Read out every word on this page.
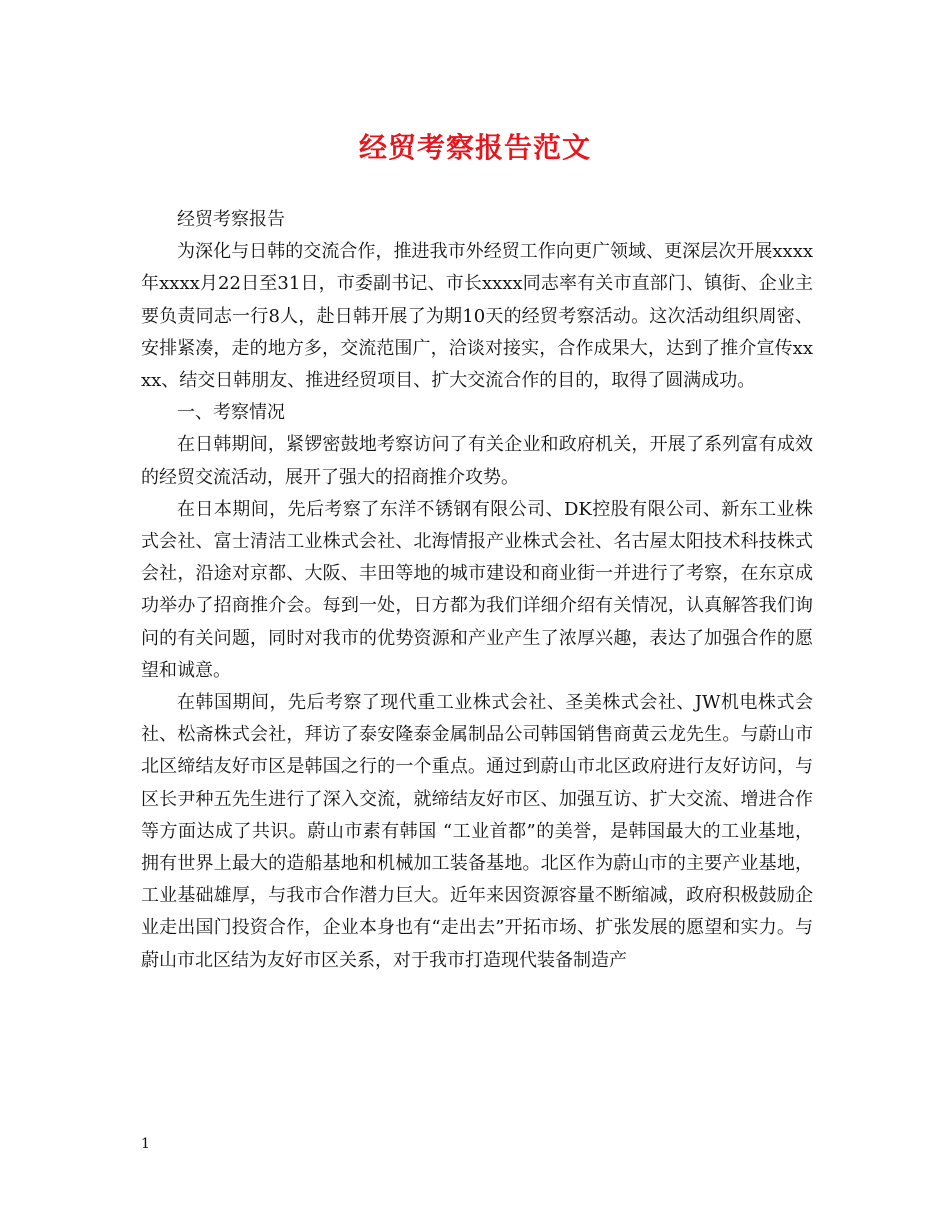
经贸考察报告范文

经贸考察报告

为深化与日韩的交流合作，推进我市外经贸工作向更广领域、更深层次开展xxxx年xxxx月22日至31日，市委副书记、市长xxxx同志率有关市直部门、镇街、企业主要负责同志一行8人，赴日韩开展了为期10天的经贸考察活动。这次活动组织周密、安排紧凑，走的地方多，交流范围广，洽谈对接实，合作成果大，达到了推介宣传xxxx、结交日韩朋友、推进经贸项目、扩大交流合作的目的，取得了圆满成功。

一、考察情况

在日韩期间，紧锣密鼓地考察访问了有关企业和政府机关，开展了系列富有成效的经贸交流活动，展开了强大的招商推介攻势。

在日本期间，先后考察了东洋不锈钢有限公司、DK控股有限公司、新东工业株式会社、富士清洁工业株式会社、北海情报产业株式会社、名古屋太阳技术科技株式会社，沿途对京都、大阪、丰田等地的城市建设和商业街一并进行了考察，在东京成功举办了招商推介会。每到一处，日方都为我们详细介绍有关情况，认真解答我们询问的有关问题，同时对我市的优势资源和产业产生了浓厚兴趣，表达了加强合作的愿望和诚意。

在韩国期间，先后考察了现代重工业株式会社、圣美株式会社、JW机电株式会社、松斋株式会社，拜访了泰安隆泰金属制品公司韩国销售商黄云龙先生。与蔚山市北区缔结友好市区是韩国之行的一个重点。通过到蔚山市北区政府进行友好访问，与区长尹种五先生进行了深入交流，就缔结友好市区、加强互访、扩大交流、增进合作等方面达成了共识。蔚山市素有韩国 “工业首都”的美誉，是韩国最大的工业基地，拥有世界上最大的造船基地和机械加工装备基地。北区作为蔚山市的主要产业基地，工业基础雄厚，与我市合作潜力巨大。近年来因资源容量不断缩减，政府积极鼓励企业走出国门投资合作，企业本身也有“走出去”开拓市场、扩张发展的愿望和实力。与蔚山市北区结为友好市区关系，对于我市打造现代装备制造产

1
